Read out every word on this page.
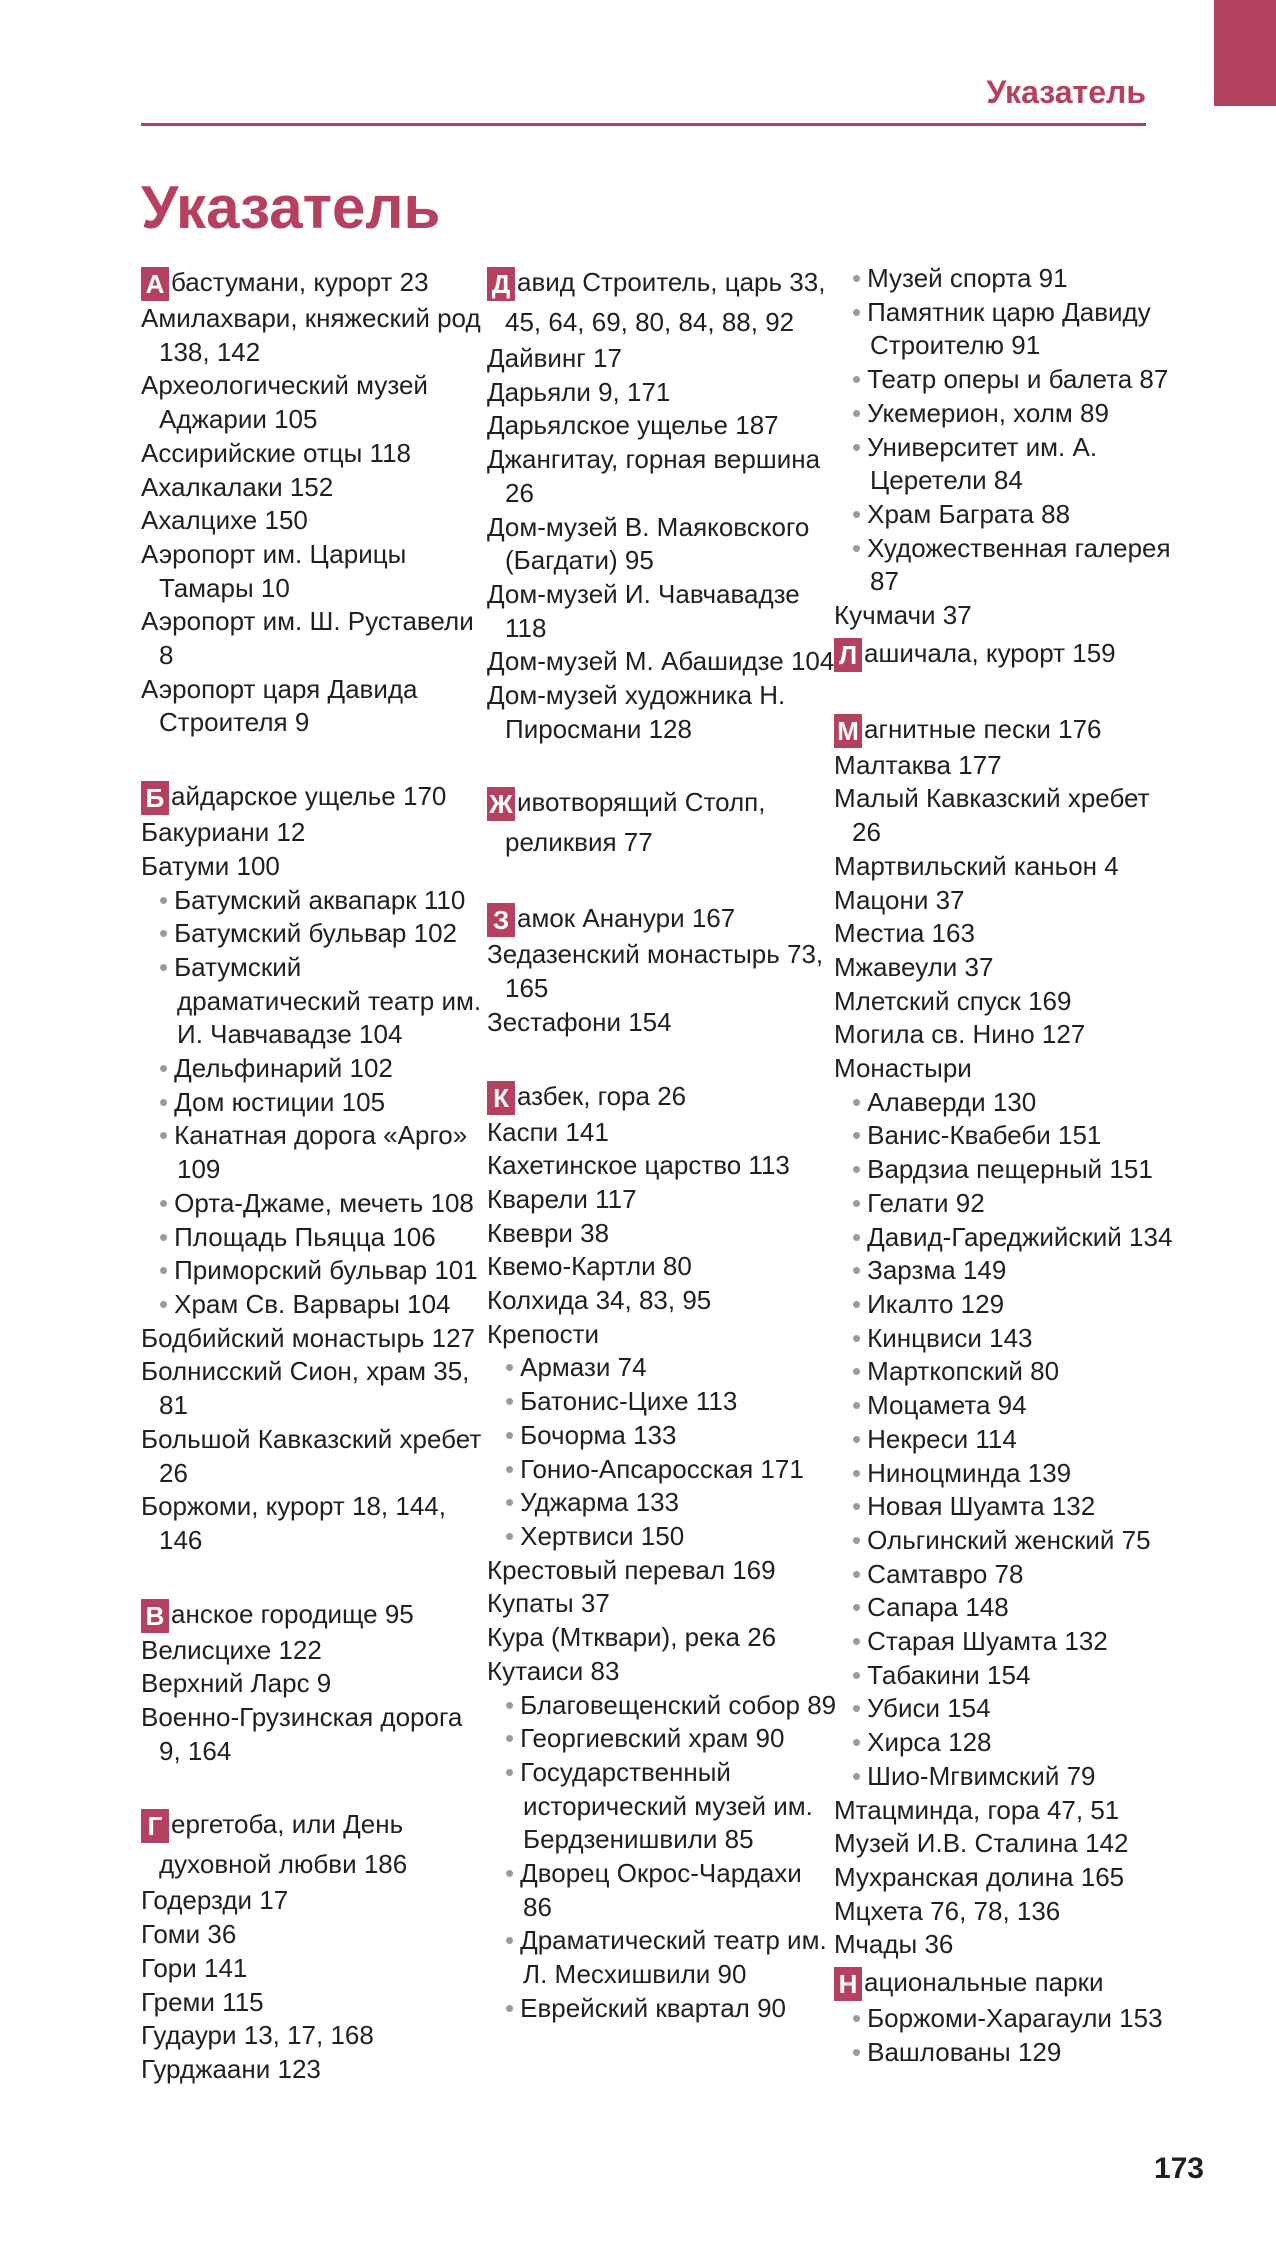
Указатель
Указатель

А бастумани, курорт 23

Амилахвари, княжеский род 138, 142

Археологический музей Аджарии 105

Ассирийские отцы 118

Ахалкалаки 152

Ахалцихе 150

Аэропорт им. Царицы Тамары 10

Аэропорт им. Ш. Руставели 8

Аэропорт царя Давида Строителя 9

Б айдарское ущелье 170

Бакуриани 12

Батуми 100

• Батумский аквапарк 110

• Батумский бульвар 102

• Батумский драматический театр им. И. Чавчавадзе 104

• Дельфинарий 102

• Дом юстиции 105

• Канатная дорога «Арго» 109

• Орта-Джаме, мечеть 108

• Площадь Пьяцца 106

• Приморский бульвар 101

• Храм Св. Варвары 104

Бодбийский монастырь 127

Болнисский Сион, храм 35, 81

Большой Кавказский хребет 26

Боржоми, курорт 18, 144, 146

В анское городище 95

Велисцихе 122

Верхний Ларс 9

Военно-Грузинская дорога 9, 164

Г ергетоба, или День духовной любви 186

Годерзди 17

Гоми 36

Гори 141

Греми 115

Гудаури 13, 17, 168

Гурджаани 123

Д авид Строитель, царь 33, 45, 64, 69, 80, 84, 88, 92

Дайвинг 17

Дарьяли 9, 171

Дарьялское ущелье 187

Джангитау, горная вершина 26

Дом-музей В. Маяковского (Багдати) 95

Дом-музей И. Чавчавадзе 118

Дом-музей М. Абашидзе 104

Дом-музей художника Н. Пиросмани 128

Ж ивотворящий Столп, реликвия 77

З амок Ананури 167

Зедазенский монастырь 73, 165

Зестафони 154

К азбек, гора 26

Каспи 141

Кахетинское царство 113

Кварели 117

Квеври 38

Квемо-Картли 80

Колхида 34, 83, 95

Крепости

• Армази 74

• Батонис-Цихе 113

• Бочорма 133

• Гонио-Апсаросская 171

• Уджарма 133

• Хертвиси 150

Крестовый перевал 169

Купаты 37

Кура (Мтквари), река 26

Кутаиси 83

• Благовещенский собор 89

• Георгиевский храм 90

• Государственный исторический музей им. Бердзенишвили 85

• Дворец Окрос-Чардахи 86

• Драматический театр им. Л. Месхишвили 90

• Еврейский квартал 90

• Музей спорта 91

• Памятник царю Давиду Строителю 91

• Театр оперы и балета 87

• Укемерион, холм 89

• Университет им. А. Церетели 84

• Храм Баграта 88

• Художественная галерея 87

Кучмачи 37

Л ашичала, курорт 159

М агнитные пески 176

Малтаква 177

Малый Кавказский хребет 26

Мартвильский каньон 4

Мацони 37

Местиа 163

Мжавеули 37

Млетский спуск 169

Могила св. Нино 127

Монастыри

• Алаверди 130

• Ванис-Квабеби 151

• Вардзиа пещерный 151

• Гелати 92

• Давид-Гареджийский 134

• Зарзма 149

• Икалто 129

• Кинцвиси 143

• Марткопский 80

• Моцамета 94

• Некреси 114

• Ниноцминда 139

• Новая Шуамта 132

• Ольгинский женский 75

• Самтавро 78

• Сапара 148

• Старая Шуамта 132

• Табакини 154

• Убиси 154

• Хирса 128

• Шио-Мгвимский 79

Мтацминда, гора 47, 51

Музей И.В. Сталина 142

Мухранская долина 165

Мцхета 76, 78, 136

Мчады 36

Н ациональные парки

• Боржоми-Харагаули 153

• Вашлованы 129

173
